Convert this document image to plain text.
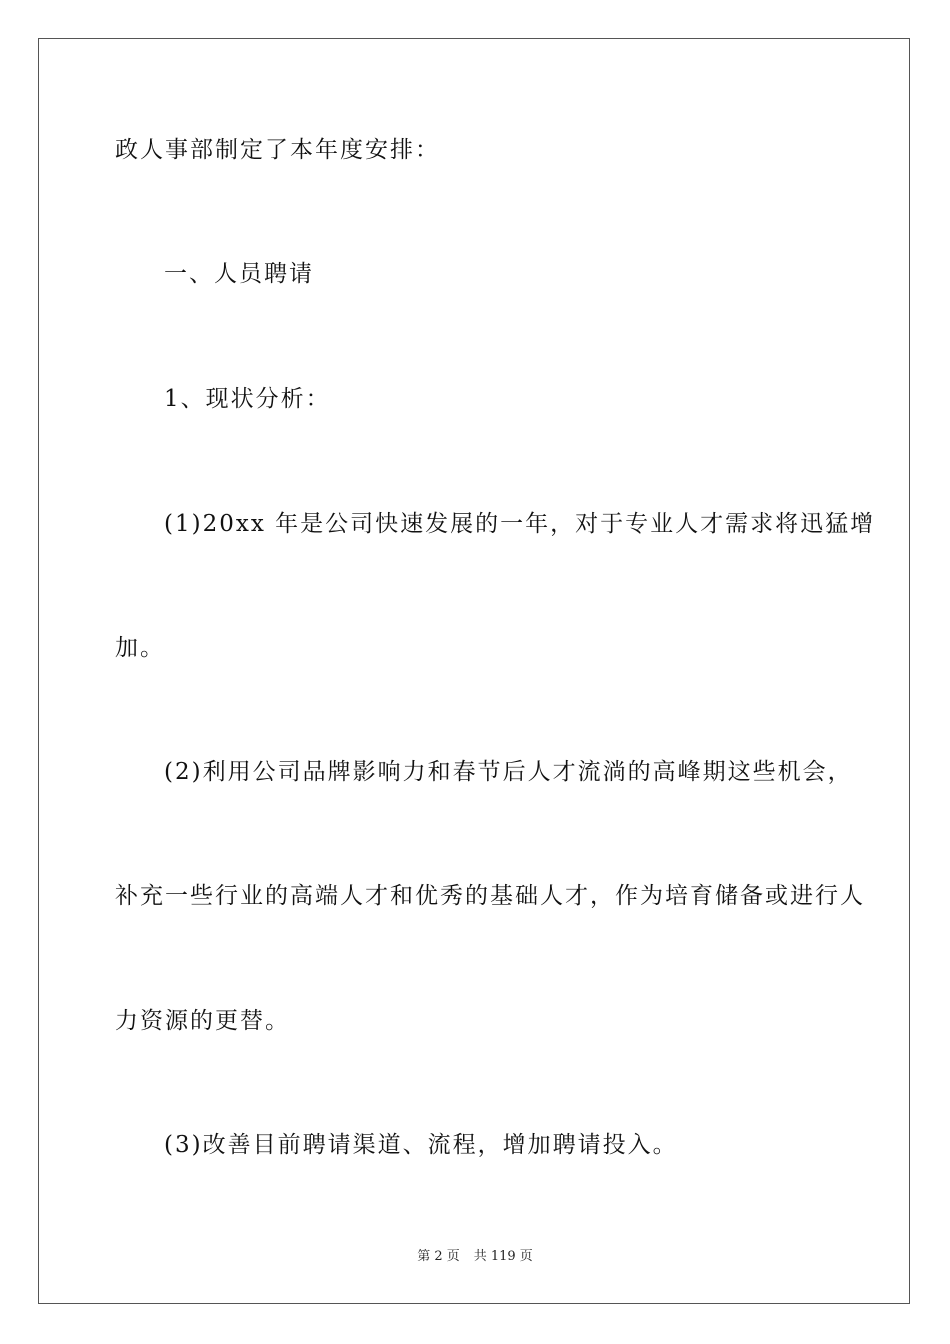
政人事部制定了本年度安排：
一、人员聘请
1、现状分析：
(1)20xx 年是公司快速发展的一年，对于专业人才需求将迅猛增
加。
(2)利用公司品牌影响力和春节后人才流淌的高峰期这些机会，
补充一些行业的高端人才和优秀的基础人才，作为培育储备或进行人
力资源的更替。
(3)改善目前聘请渠道、流程，增加聘请投入。
第 2 页 共 119 页
